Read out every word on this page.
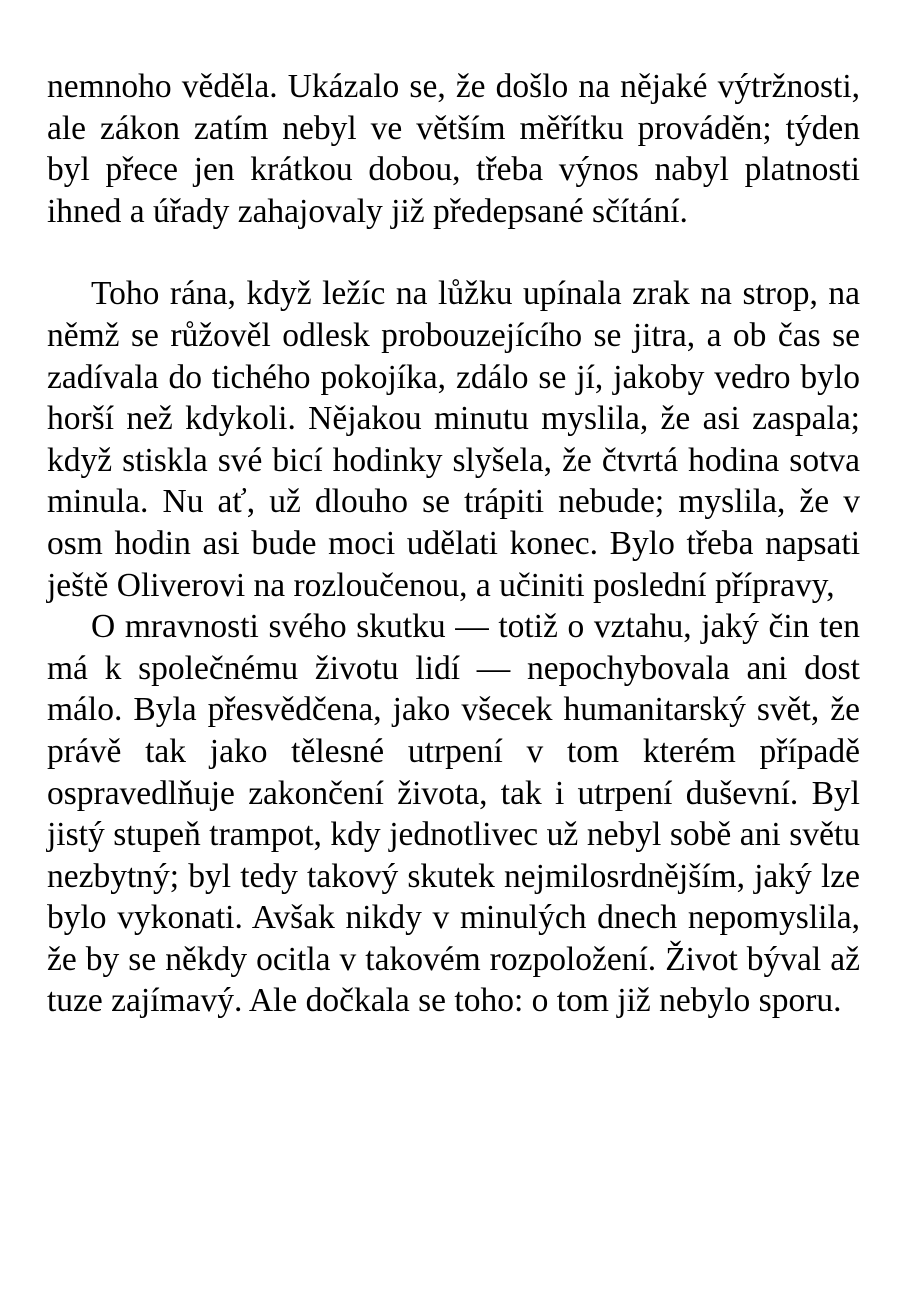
nemnoho věděla. Ukázalo se, že došlo na nějaké výtržnosti, ale zákon zatím nebyl ve větším měřítku prováděn; týden byl přece jen krátkou dobou, třeba výnos nabyl platnosti ihned a úřady zahajovaly již předepsané sčítání.

Toho rána, když ležíc na lůžku upínala zrak na strop, na němž se růžověl odlesk probouzejícího se jitra, a ob čas se zadívala do tichého pokojíka, zdálo se jí, jakoby vedro bylo horší než kdykoli. Nějakou minutu myslila, že asi zaspala; když stiskla své bicí hodinky slyšela, že čtvrtá hodina sotva minula. Nu ať, už dlouho se trápiti nebude; myslila, že v osm hodin asi bude moci udělati konec. Bylo třeba napsati ještě Oliverovi na rozloučenou, a učiniti poslední přípravy,

O mravnosti svého skutku — totiž o vztahu, jaký čin ten má k společnému životu lidí — nepochybovala ani dost málo. Byla přesvědčena, jako všecek humanitarský svět, že právě tak jako tělesné utrpení v tom kterém případě ospravedlňuje zakončení života, tak i utrpení duševní. Byl jistý stupeň trampot, kdy jednotlivec už nebyl sobě ani světu nezbytný; byl tedy takový skutek nejmilosrdnějším, jaký lze bylo vykonati. Avšak nikdy v minulých dnech nepomyslila, že by se někdy ocitla v takovém rozpoložení. Život býval až tuze zajímavý. Ale dočkala se toho: o tom již nebylo sporu.
